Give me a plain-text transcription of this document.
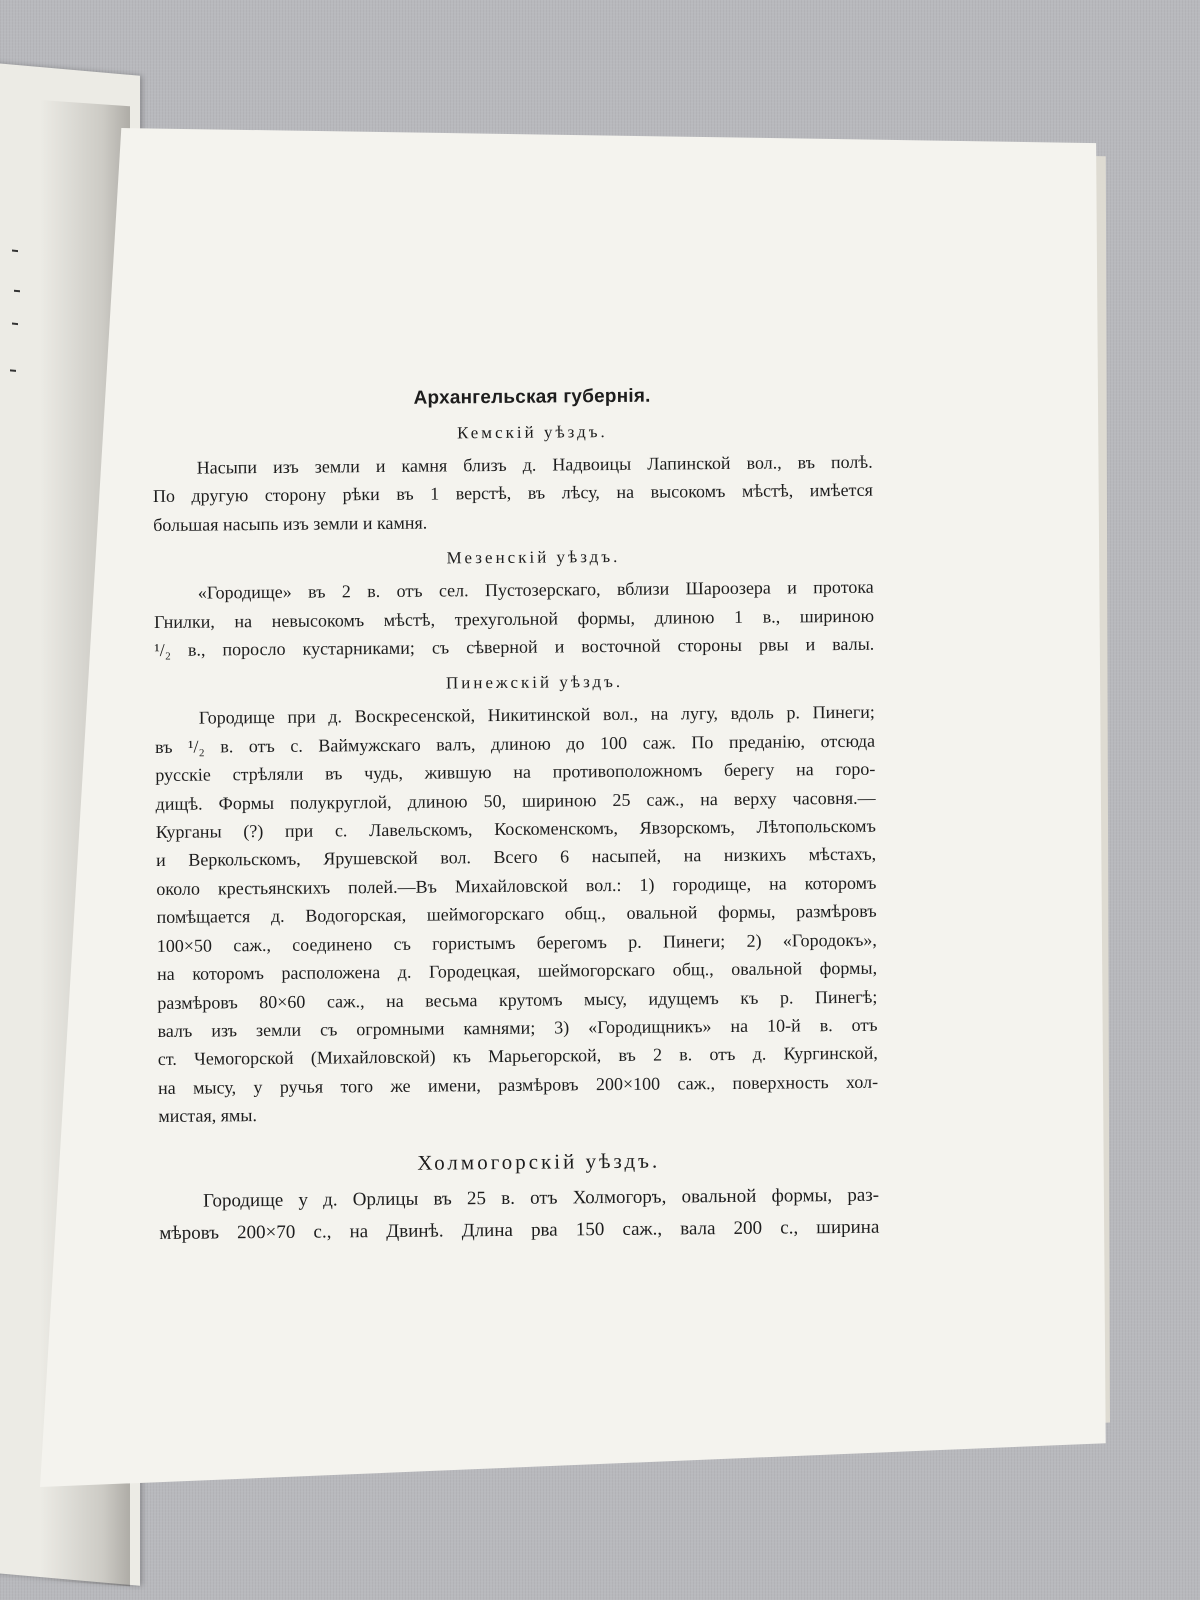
Архангельская губернія.
Кемскій уѣздъ.
Насыпи изъ земли и камня близъ д. Надвоицы Лапинской вол., въ полѣ.
По другую сторону рѣки въ 1 верстѣ, въ лѣсу, на высокомъ мѣстѣ, имѣется
большая насыпь изъ земли и камня.
Мезенскій уѣздъ.
«Городище» въ 2 в. отъ сел. Пустозерскаго, вблизи Шароозера и протока
Гнилки, на невысокомъ мѣстѣ, трехугольной формы, длиною 1 в., шириною
¹/₂ в., поросло кустарниками; съ сѣверной и восточной стороны рвы и валы.
Пинежскій уѣздъ.
Городище при д. Воскресенской, Никитинской вол., на лугу, вдоль р. Пинеги;
въ ¹/₂ в. отъ с. Ваймужскаго валъ, длиною до 100 саж. По преданію, отсюда
русскіе стрѣляли въ чудь, жившую на противоположномъ берегу на горо-
дищѣ. Формы полукруглой, длиною 50, шириною 25 саж., на верху часовня.—
Курганы (?) при с. Лавельскомъ, Коскоменскомъ, Явзорскомъ, Лѣтопольскомъ
и Веркольскомъ, Ярушевской вол. Всего 6 насыпей, на низкихъ мѣстахъ,
около крестьянскихъ полей.—Въ Михайловской вол.: 1) городище, на которомъ
помѣщается д. Водогорская, шеймогорскаго общ., овальной формы, размѣровъ
100×50 саж., соединено съ гористымъ берегомъ р. Пинеги; 2) «Городокъ»,
на которомъ расположена д. Городецкая, шеймогорскаго общ., овальной формы,
размѣровъ 80×60 саж., на весьма крутомъ мысу, идущемъ къ р. Пинегѣ;
валъ изъ земли съ огромными камнями; 3) «Городищникъ» на 10-й в. отъ
ст. Чемогорской (Михайловской) къ Марьегорской, въ 2 в. отъ д. Кургинской,
на мысу, у ручья того же имени, размѣровъ 200×100 саж., поверхность хол-
мистая, ямы.
Холмогорскій уѣздъ.
Городище у д. Орлицы въ 25 в. отъ Холмогоръ, овальной формы, раз-
мѣровъ 200×70 с., на Двинѣ. Длина рва 150 саж., вала 200 с., ширина
